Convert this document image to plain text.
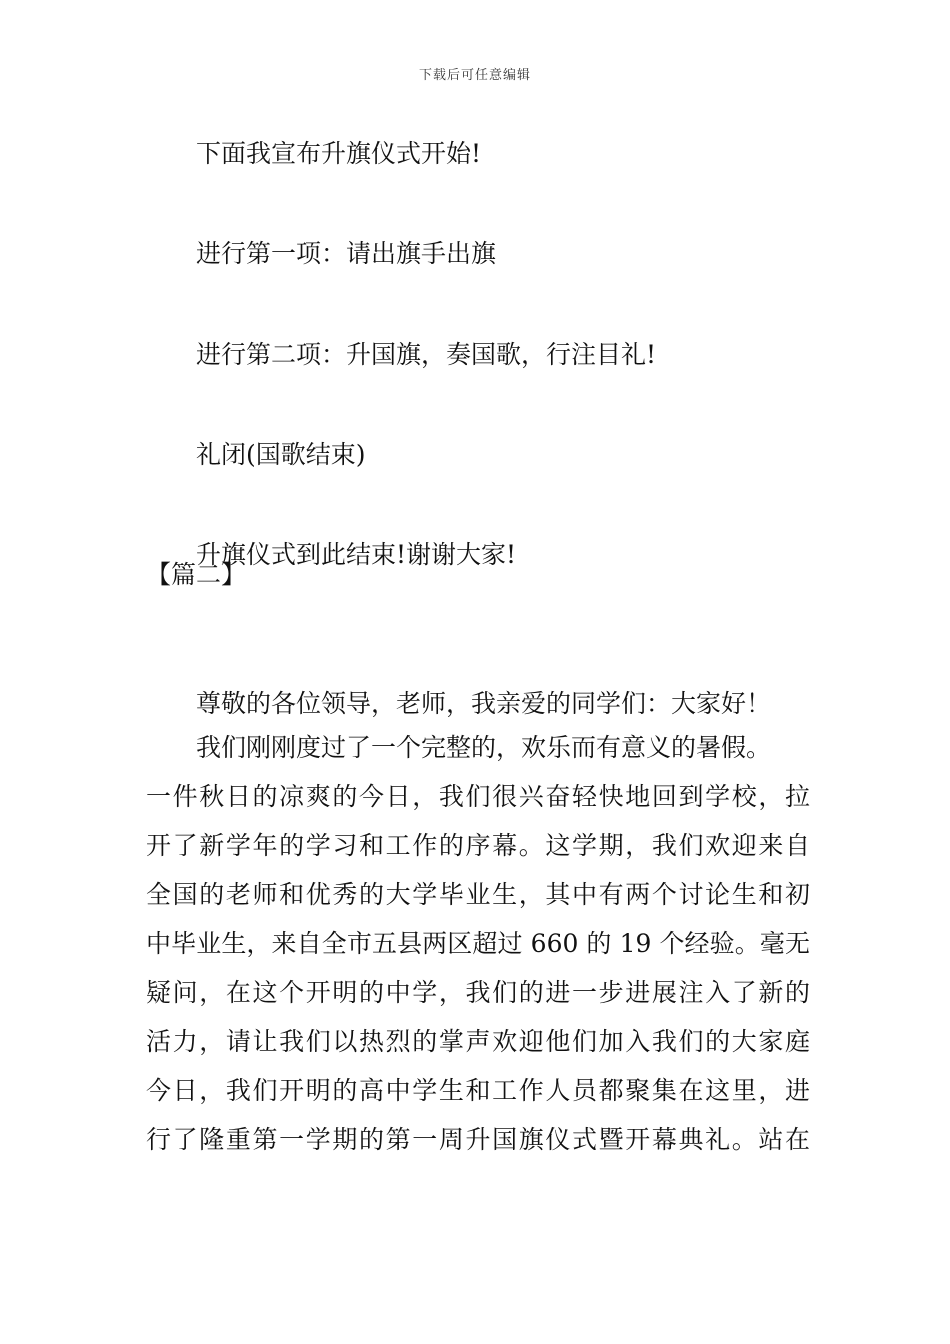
下载后可任意编辑
下面我宣布升旗仪式开始!
进行第一项：请出旗手出旗
进行第二项：升国旗，奏国歌，行注目礼!
礼闭(国歌结束)
升旗仪式到此结束!谢谢大家!
【篇二】
尊敬的各位领导，老师，我亲爱的同学们：大家好！
我们刚刚度过了一个完整的，欢乐而有意义的暑假。
一件秋日的凉爽的今日，我们很兴奋轻快地回到学校，拉
开了新学年的学习和工作的序幕。这学期，我们欢迎来自
全国的老师和优秀的大学毕业生，其中有两个讨论生和初
中毕业生，来自全市五县两区超过 660 的 19 个经验。毫无
疑问，在这个开明的中学，我们的进一步进展注入了新的
活力，请让我们以热烈的掌声欢迎他们加入我们的大家庭
今日，我们开明的高中学生和工作人员都聚集在这里，进
行了隆重第一学期的第一周升国旗仪式暨开幕典礼。站在
